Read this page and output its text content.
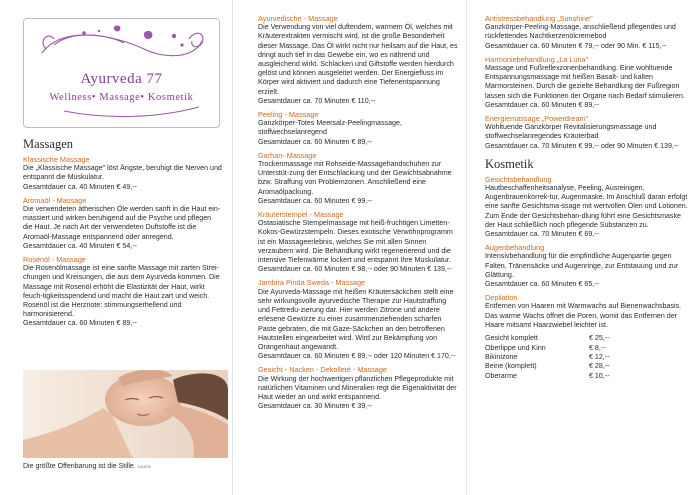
Massagen
Klassische Massage
Die „Klassische Massage" löst Ängste, beruhigt die Nerven und entspannt die Muskulatur.
Gesamtdauer ca. 40 Minuten € 49,--
Aromaöl - Massage
Die verwendeten ätherischen Öle werden sanft in die Haut ein-massiert und wirken beruhigend auf die Psyche und pflegen die Haut. Je nach Art der verwendeten Duftstoffe ist die Aromaöl-Massage entspannend oder anregend.
Gesamtdauer ca. 40 Minuten € 54,--
Rosenöl - Massage
Die Rosenölmassage ist eine sanfte Massage mit zarten Strei-chungen und Kreisungen, die aus dem Ayurveda kommen. Die Massage mit Rosenöl erhöht die Elastizität der Haut, wirkt feuch-tigkeitsspendend und macht die Haut zart und weich. Rosenöl ist die Herznote: stimmungserhellend und harmonisierend.
Gesamtdauer ca. 60 Minuten € 89,--
Ayurveda 77
Wellness• Massage• Kosmetik
Die größte Offenbarung ist die Stille. Laotse
Ayurvedische - Massage
Die Verwendung von viel duftendem, warmem Öl, welches mit Kräuterextrakten vermischt wird, ist die große Besonderheit dieser Massage. Das Öl wirkt nicht nur heilsam auf die Haut, es dringt auch tief in das Gewebe ein, wo es nährend und ausgleichend wirkt. Schlacken und Giftstoffe werden hierdurch gelöst und können ausgeleitet werden. Der Energiefluss im Körper wird aktiviert und dadurch eine Tiefenentspannung erzielt.
Gesamtdauer ca. 70 Minuten € 110,--
Peeling - Massage
Ganzkörper-Totes Meersalz-Peelingmassage, stoffwechselanregend
Gesamtdauer ca. 60 Minuten € 89,--
Garhan- Massage
Trockenmassage mit Rohseide-Massagehandschuhen zur Unterstüt-zung der Entschlackung und der Gewichtsabnahme bzw. Straffung von Problemzonen. Anschließend eine Aromaölpackung.
Gesamtdauer ca. 60 Minuten € 99,--
Kräuterstempel - Massage
Ostasiatische Stempelmassage mit heiß-fruchtigen Limetten-Kokos-Gewürzstempeln. Dieses exotische Verwöhnprogramm ist ein Massageerlebnis, welches Sie mit allen Sinnen verzaubern wird. Die Behandlung wirkt regenerierend und die intensive Tiefenwärme lockert und entspannt Ihre Muskulatur.
Gesamtdauer ca. 60 Minuten € 98,-- oder 90 Minuten € 139,--
Jambira Pinda Sweda - Massage
Die Ayurveda-Massage mit heißen Kräutersäckchen stellt eine sehr wirkungsvolle ayurvedische Therapie zur Hautstraffung und Fettredu-zierung dar. Hier werden Zitrone und andere erlesene Gewürze zu einer zusammenziehenden scharfen Paste gebraten, die mit Gaze-Säckchen an den betroffenen Hautstellen eingearbeitet wird. Wird zur Bekämpfung von Orangenhaut angewandt.
Gesamtdauer ca. 60 Minuten € 89,-- oder 120 Minuten € 170,--
Gesicht - Nacken - Dekolleté - Massage
Die Wirkung der hochwertigen pflanzlichen Pflegeprodukte mit natürlichen Vitaminen und Mineralien regt die Eigenaktivität der Haut wieder an und wirkt entspannend.
Gesamtdauer ca. 30 Minuten € 39,--
Antistressbehandlung „Sunshine"
Ganzkörper-Peeling-Massage, anschließend pflegendes und rückfettendes Nachtkerzenölcremebod
Gesamtdauer ca. 60 Minuten € 79,-- oder 90 Min. € 115,--
Harmoniebehandlung „La Luna"
Massage und Fußreflexzonenbehandlung. Eine wohltuende Entspannungsmassage mit heißen Basalt- und kalten Marmorsteinen. Durch die gezielte Behandlung der Fußregion lassen sich die Funktionen der Organe nach Bedarf stimulieren.
Gesamtdauer ca. 60 Minuten € 89,--
Energiemassage „Powerdream"
Wohltuende Ganzkörper Revitalisierungsmassage und stoffwechselanregendes Kräuterbad
Gesamtdauer ca. 70 Minuten € 99,-- oder 90 Minuten € 139,--
Kosmetik
Gesichtsbehandlung
Hautbeschaffenheitsanalyse, Peeling, Ausreinigen, Augenbrauenkorrek-tur, Augenmaske. Im Anschluß daran erfolgt eine sanfte Gesichtsma-ssage mit wertvollen Ölen und Lotionen. Zum Ende der Gesichtsbehan-dlung führt eine Gesichtsmaske der Haut schließlich noch pflegende Substanzen zu.
Gesamtdauer ca. 70 Minuten € 69,--
Augenbehandlung
Intensivbehandlung für die empfindliche Augenpartie gegen Falten, Tränensäcke und Augenringe, zur Entstauung und zur Glättung.
Gesamtdauer ca. 60 Minuten € 65,--
Depilation
Entfernen von Haaren mit Warmwachs auf Bienenwachsbasis. Das warme Wachs öffnet die Poren, womit das Entfernen der Haare mitsamt Haarzwiebel leichter ist.
Gesicht komplett	€ 25,--
Oberlippe und Kinn	€ 8,--
Bikinizone	€ 12,--
Beine (komplett)	€ 28,--
Oberarme	€ 10,--
